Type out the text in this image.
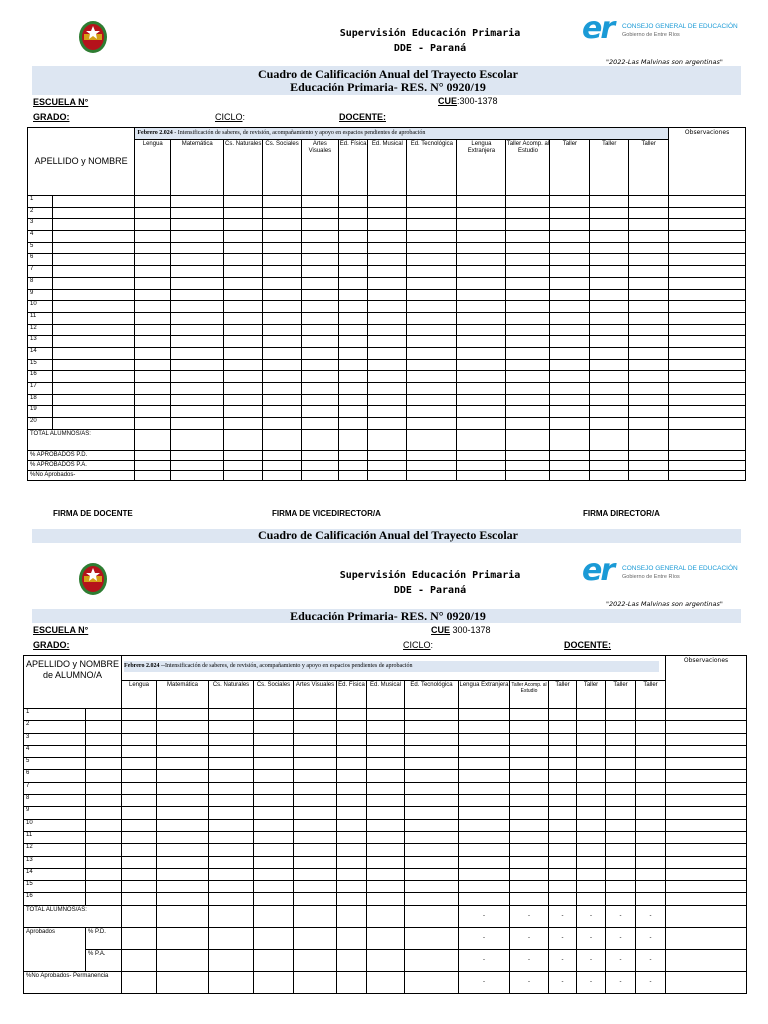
Supervisión Educación Primaria
DDE - Paraná
er CONSEJO GENERAL DE EDUCACIÓN
Gobierno de Entre Ríos
"2022-Las Malvinas son argentinas"
Cuadro de Calificación Anual del Trayecto Escolar
Educación Primaria- RES. N° 0920/19
ESCUELA N°	CUE:300-1378
GRADO:	CICLO:	DOCENTE:
APELLIDO y NOMBRE		Febrero 2.024 - Intensificación de saberes, de revisión, acompañamiento y apoyo en espacios pendientes de aprobación													Observaciones
		Lengua	Matemática	Cs. Naturales	Cs. Sociales	Artes Visuales	Ed. Física	Ed. Musical	Ed. Tecnológica	Lengua Extranjera	Taller Acomp. al Estudio	Taller	Taller	Taller	
1															
2															
3															
4															
5															
6															
7															
8															
9															
10															
11															
12															
13															
14															
15															
16															
17															
18															
19															
20															
TOTAL ALUMNOS/AS:															
% APROBADOS P.D.															
% APROBADOS P.A.															
%No Aprobados-															
FIRMA DE DOCENTE	FIRMA DE VICEDIRECTOR/A	FIRMA DIRECTOR/A
Cuadro de Calificación Anual del Trayecto Escolar
Supervisión Educación Primaria
DDE - Paraná
er CONSEJO GENERAL DE EDUCACIÓN
Gobierno de Entre Ríos
"2022-Las Malvinas son argentinas"
Educación Primaria- RES. N° 0920/19
ESCUELA N°	CUE 300-1378
GRADO:	CICLO:	DOCENTE:
APELLIDO y NOMBRE de ALUMNO/A		Febrero 2.024 --Intensificación de saberes, de revisión, acompañamiento y apoyo en espacios pendientes de aprobación														Observaciones
		Lengua	Matemática	Cs. Naturales	Cs. Sociales	Artes Visuales	Ed. Física	Ed. Musical	Ed. Tecnológica	Lengua Extranjera	Taller Acomp. al Estudio	Taller	Taller	Taller	Taller	
1																
2																
3																
4																
5																
6																
7																
8																
9																
10																
11																
12																
13																
14																
15																
16																
TOTAL ALUMNOS/AS:										-	-	-	-	-	-	
Aprobados	% P.D.									-	-	-	-	-	-	
	% P.A.									-	-	-	-	-	-	
%No Aprobados- Permanencia										-	-	-	-	-	-	
